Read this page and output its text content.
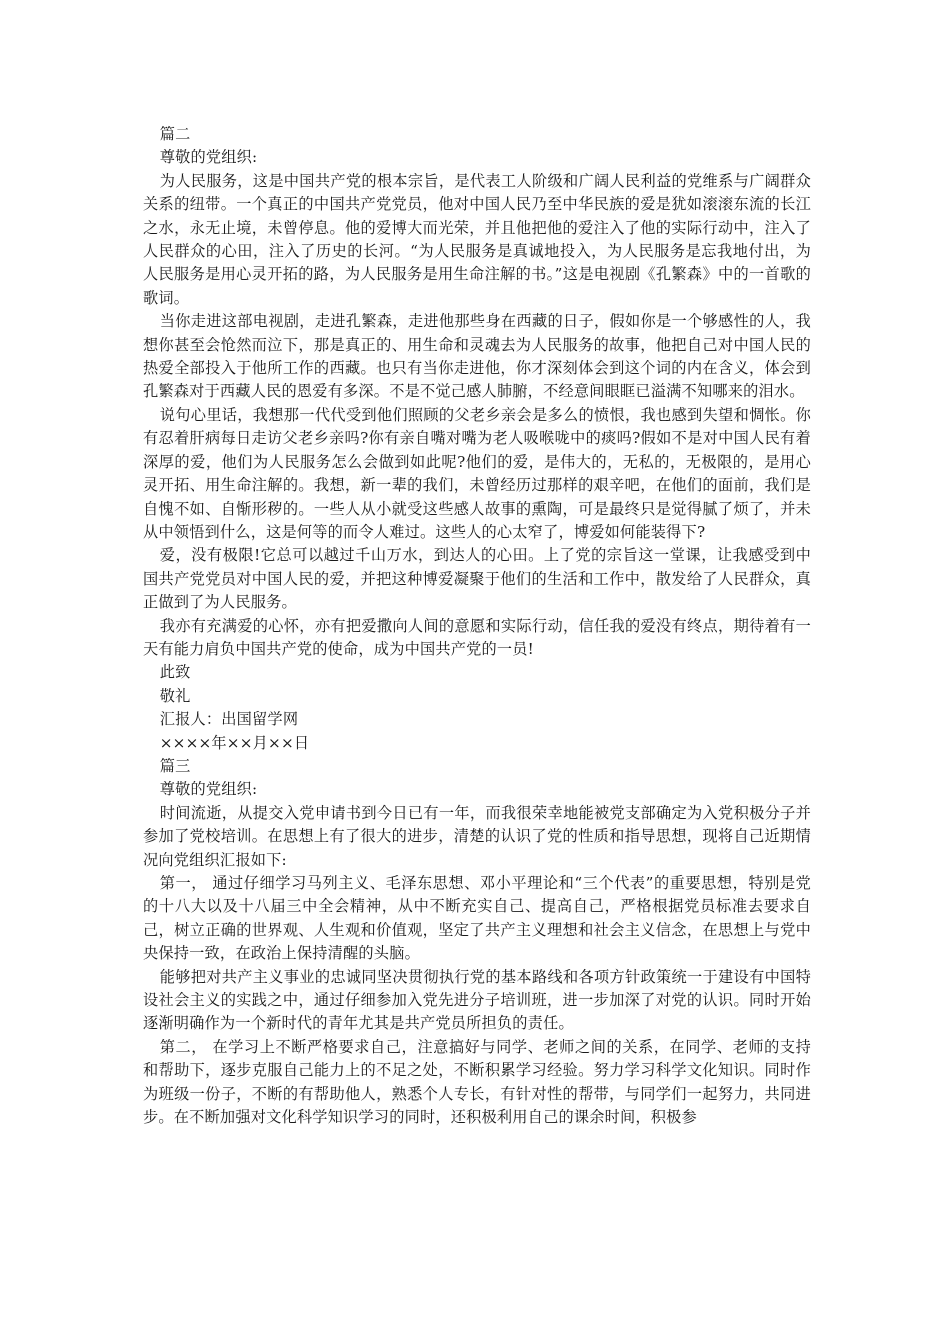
篇二

尊敬的党组织:

为人民服务，这是中国共产党的根本宗旨，是代表工人阶级和广阔人民利益的党维系与广阔群众关系的纽带。一个真正的中国共产党党员，他对中国人民乃至中华民族的爱是犹如滚滚东流的长江之水，永无止境，未曾停息。他的爱博大而光荣，并且他把他的爱注入了他的实际行动中，注入了人民群众的心田，注入了历史的长河。“为人民服务是真诚地投入，为人民服务是忘我地付出，为人民服务是用心灵开拓的路，为人民服务是用生命注解的书。”这是电视剧《孔繁森》中的一首歌的歌词。

当你走进这部电视剧，走进孔繁森，走进他那些身在西藏的日子，假如你是一个够感性的人，我想你甚至会怆然而泣下，那是真正的、用生命和灵魂去为人民服务的故事，他把自己对中国人民的热爱全部投入于他所工作的西藏。也只有当你走进他，你才深刻体会到这个词的内在含义，体会到孔繁森对于西藏人民的恩爱有多深。不是不觉己感人肺腑，不经意间眼眶已溢满不知哪来的泪水。

说句心里话，我想那一代代受到他们照顾的父老乡亲会是多么的愤恨，我也感到失望和惆怅。你有忍着肝病每日走访父老乡亲吗?你有亲自嘴对嘴为老人吸喉咙中的痰吗?假如不是对中国人民有着深厚的爱，他们为人民服务怎么会做到如此呢?他们的爱，是伟大的，无私的，无极限的，是用心灵开拓、用生命注解的。我想，新一辈的我们，未曾经历过那样的艰辛吧，在他们的面前，我们是自愧不如、自惭形秽的。一些人从小就受这些感人故事的熏陶，可是最终只是觉得腻了烦了，并未从中领悟到什么，这是何等的而令人难过。这些人的心太窄了，博爱如何能装得下?

爱，没有极限!它总可以越过千山万水，到达人的心田。上了党的宗旨这一堂课，让我感受到中国共产党党员对中国人民的爱，并把这种博爱凝聚于他们的生活和工作中，散发给了人民群众，真正做到了为人民服务。

我亦有充满爱的心怀，亦有把爱撒向人间的意愿和实际行动，信任我的爱没有终点，期待着有一天有能力肩负中国共产党的使命，成为中国共产党的一员!

此致

敬礼

汇报人：出国留学网

××××年××月××日

篇三

尊敬的党组织:

时间流逝，从提交入党申请书到今日已有一年，而我很荣幸地能被党支部确定为入党积极分子并参加了党校培训。在思想上有了很大的进步，清楚的认识了党的性质和指导思想，现将自己近期情况向党组织汇报如下:

第一， 通过仔细学习马列主义、毛泽东思想、邓小平理论和“三个代表”的重要思想，特别是党的十八大以及十八届三中全会精神，从中不断充实自己、提高自己，严格根据党员标准去要求自己，树立正确的世界观、人生观和价值观，坚定了共产主义理想和社会主义信念，在思想上与党中央保持一致，在政治上保持清醒的头脑。

能够把对共产主义事业的忠诚同坚决贯彻执行党的基本路线和各项方针政策统一于建设有中国特设社会主义的实践之中，通过仔细参加入党先进分子培训班，进一步加深了对党的认识。同时开始逐渐明确作为一个新时代的青年尤其是共产党员所担负的责任。

第二， 在学习上不断严格要求自己，注意搞好与同学、老师之间的关系，在同学、老师的支持和帮助下，逐步克服自己能力上的不足之处，不断积累学习经验。努力学习科学文化知识。同时作为班级一份子，不断的有帮助他人，熟悉个人专长，有针对性的帮带，与同学们一起努力，共同进步。在不断加强对文化科学知识学习的同时，还积极利用自己的课余时间，积极参
